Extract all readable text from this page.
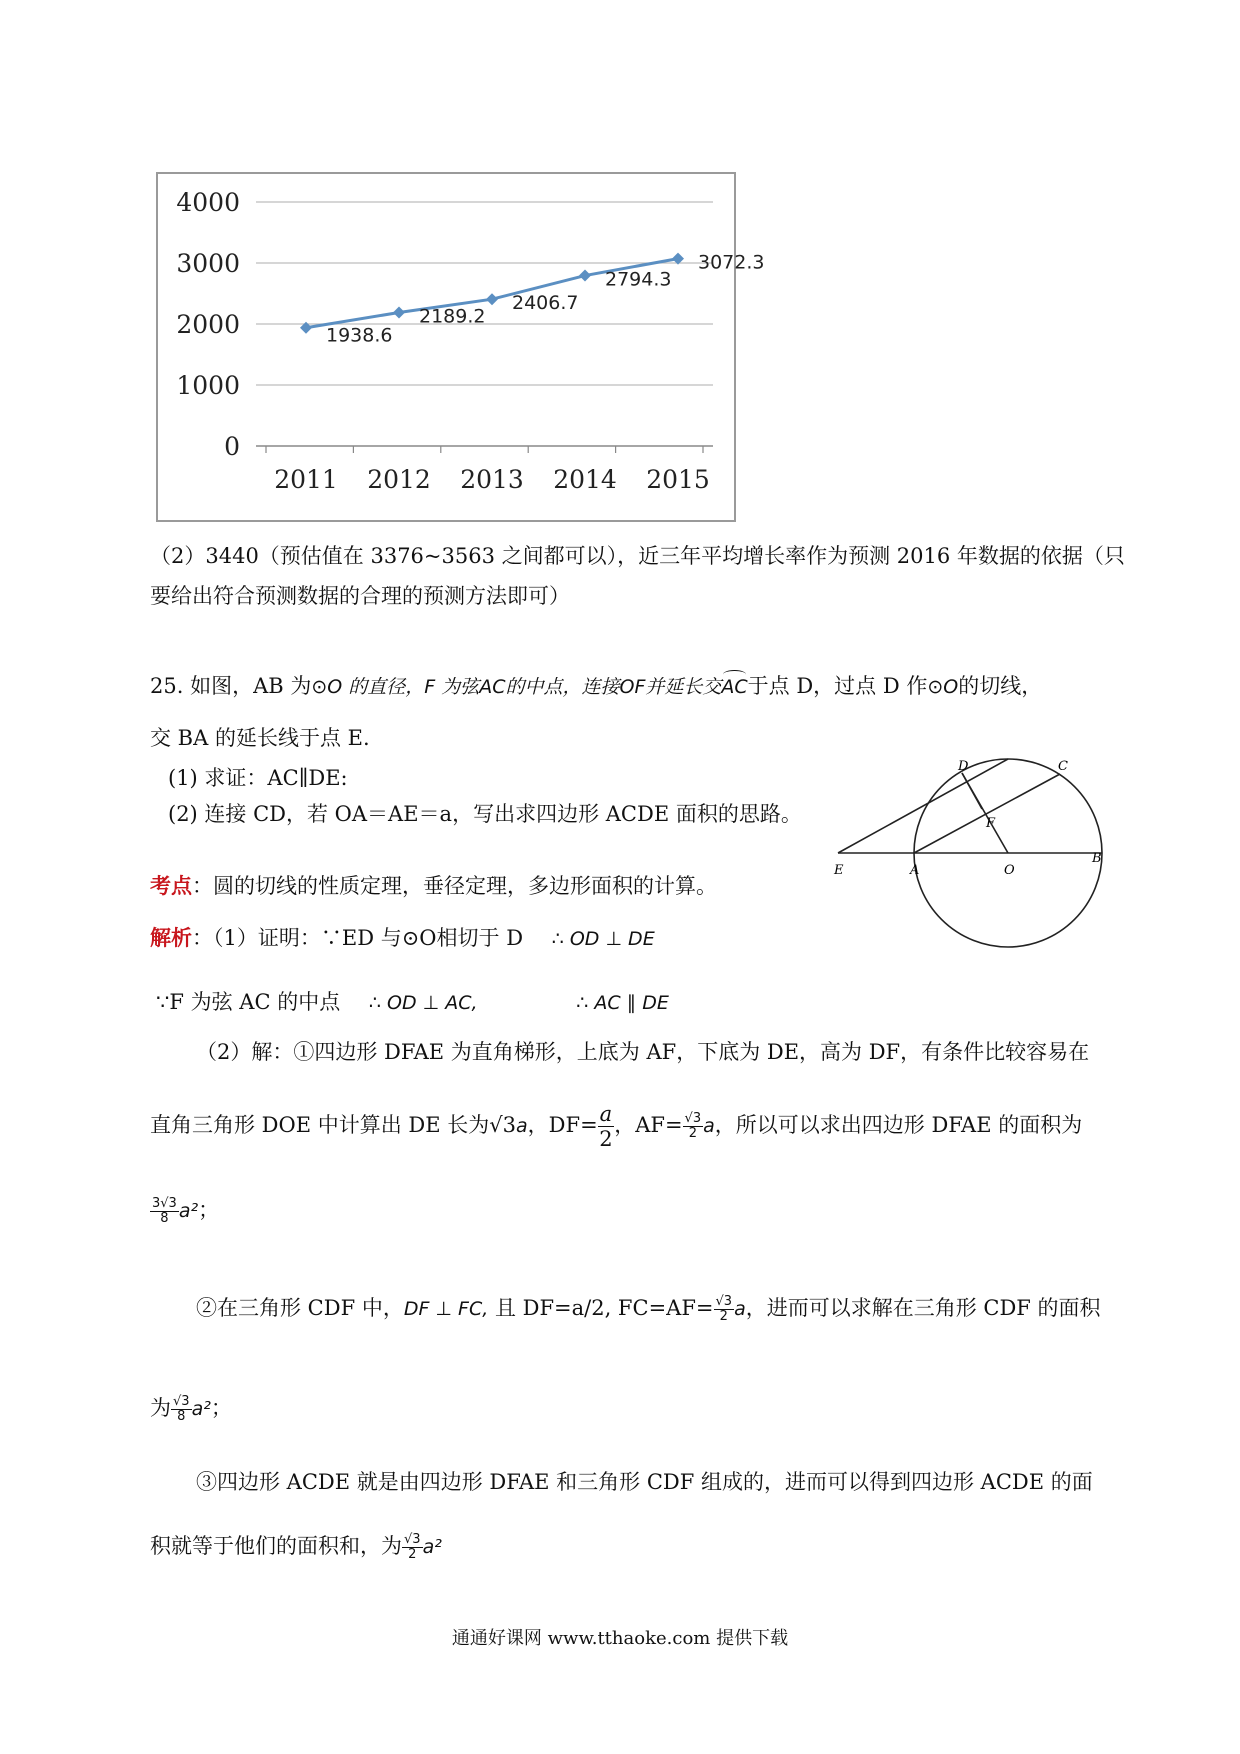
4000
3000
2000
1000
0
2011 2012 2013 2014 2015
1938.6
2189.2
2406.7
2794.3
3072.3
（2）3440（预估值在 3376~3563 之间都可以），近三年平均增长率作为预测 2016 年数据的依据（只
要给出符合预测数据的合理的预测方法即可）
25. 如图，AB 为⊙O 的直径，F 为弦AC的中点，连接OF并延长交AC
于点 D，过点 D 作⊙O的切线，
交 BA 的延长线于点 E.
(1) 求证：AC∥DE:
(2) 连接 CD，若 OA＝AE＝a，写出求四边形 ACDE 面积的思路。
D	C
F
E	A	O
B
考点：圆的切线的性质定理，垂径定理，多边形面积的计算。
解析：（1）证明：∵ED 与⊙O相切于 D ∴ OD ⊥ DE
∵F 为弦 AC 的中点 ∴ OD ⊥ AC,	∴ AC ∥ DE
（2）解：①四边形 DFAE 为直角梯形，上底为 AF，下底为 DE，高为 DF，有条件比较容易在
直角三角形 DOE 中计算出 DE 长为√3a，$DF= \frac{a}{2}$ ，$AF= \frac{√3}{2}$ a，所以可以求出四边形 DFAE 的面积为
$\frac{3√3}{8} a^2$；
②在三角形 CDF 中，DF ⊥ FC, 且 DF=a/2, $FC=AF= \frac{√3}{2}$ a，进而可以求解在三角形 CDF 的面积
为 $\frac{√3}{8} a^2$；
③四边形 ACDE 就是由四边形 DFAE 和三角形 CDF 组成的，进而可以得到四边形 ACDE 的面
积就等于他们的面积和，为 $\frac{√3}{2} a^2$
通通好课网 www.tthaoke.com 提供下载
